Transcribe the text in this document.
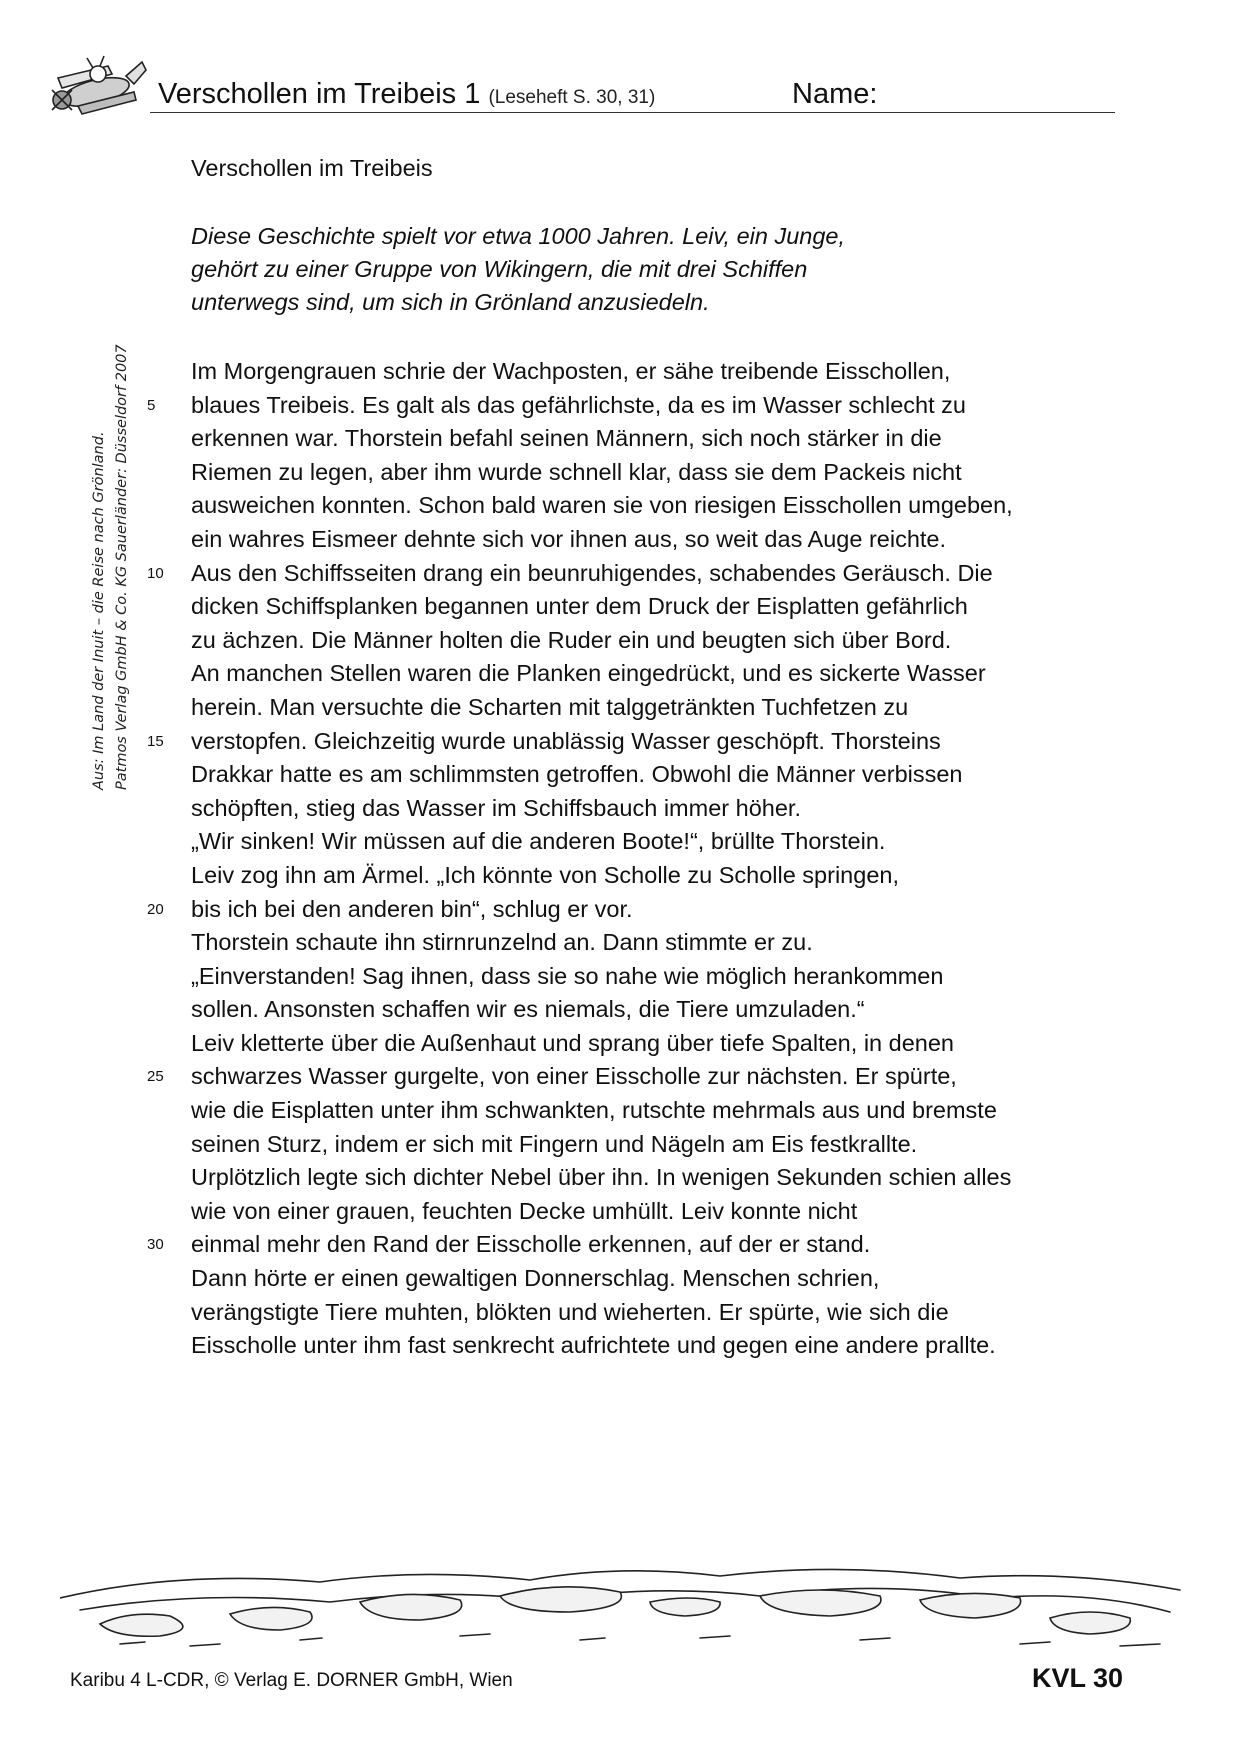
Verschollen im Treibeis 1 (Leseheft S. 30, 31)	Name:
Aus: Im Land der Inuit – die Reise nach Grönland. Patmos Verlag GmbH & Co. KG Sauerländer: Düsseldorf 2007
Verschollen im Treibeis
Diese Geschichte spielt vor etwa 1000 Jahren. Leiv, ein Junge,
gehört zu einer Gruppe von Wikingern, die mit drei Schiffen
unterwegs sind, um sich in Grönland anzusiedeln.
Im Morgengrauen schrie der Wachposten, er sähe treibende Eisschollen,
5	blaues Treibeis. Es galt als das gefährlichste, da es im Wasser schlecht zu
erkennen war. Thorstein befahl seinen Männern, sich noch stärker in die
Riemen zu legen, aber ihm wurde schnell klar, dass sie dem Packeis nicht
ausweichen konnten. Schon bald waren sie von riesigen Eisschollen umgeben,
ein wahres Eismeer dehnte sich vor ihnen aus, so weit das Auge reichte.
10	Aus den Schiffsseiten drang ein beunruhigendes, schabendes Geräusch. Die
dicken Schiffsplanken begannen unter dem Druck der Eisplatten gefährlich
zu ächzen. Die Männer holten die Ruder ein und beugten sich über Bord.
An manchen Stellen waren die Planken eingedrückt, und es sickerte Wasser
herein. Man versuchte die Scharten mit talggetränkten Tuchfetzen zu
15	verstopfen. Gleichzeitig wurde unablässig Wasser geschöpft. Thorsteins
Drakkar hatte es am schlimmsten getroffen. Obwohl die Männer verbissen
schöpften, stieg das Wasser im Schiffsbauch immer höher.
„Wir sinken! Wir müssen auf die anderen Boote!“, brüllte Thorstein.
Leiv zog ihn am Ärmel. „Ich könnte von Scholle zu Scholle springen,
20	bis ich bei den anderen bin“, schlug er vor.
Thorstein schaute ihn stirnrunzelnd an. Dann stimmte er zu.
„Einverstanden! Sag ihnen, dass sie so nahe wie möglich herankommen
sollen. Ansonsten schaffen wir es niemals, die Tiere umzuladen.“
Leiv kletterte über die Außenhaut und sprang über tiefe Spalten, in denen
25	schwarzes Wasser gurgelte, von einer Eisscholle zur nächsten. Er spürte,
wie die Eisplatten unter ihm schwankten, rutschte mehrmals aus und bremste
seinen Sturz, indem er sich mit Fingern und Nägeln am Eis festkrallte.
Urplötzlich legte sich dichter Nebel über ihn. In wenigen Sekunden schien alles
wie von einer grauen, feuchten Decke umhüllt. Leiv konnte nicht
30	einmal mehr den Rand der Eisscholle erkennen, auf der er stand.
Dann hörte er einen gewaltigen Donnerschlag. Menschen schrien,
verängstigte Tiere muhten, blökten und wieherten. Er spürte, wie sich die
Eisscholle unter ihm fast senkrecht aufrichtete und gegen eine andere prallte.
Karibu 4 L-CDR, © Verlag E. DORNER GmbH, Wien	KVL 30
